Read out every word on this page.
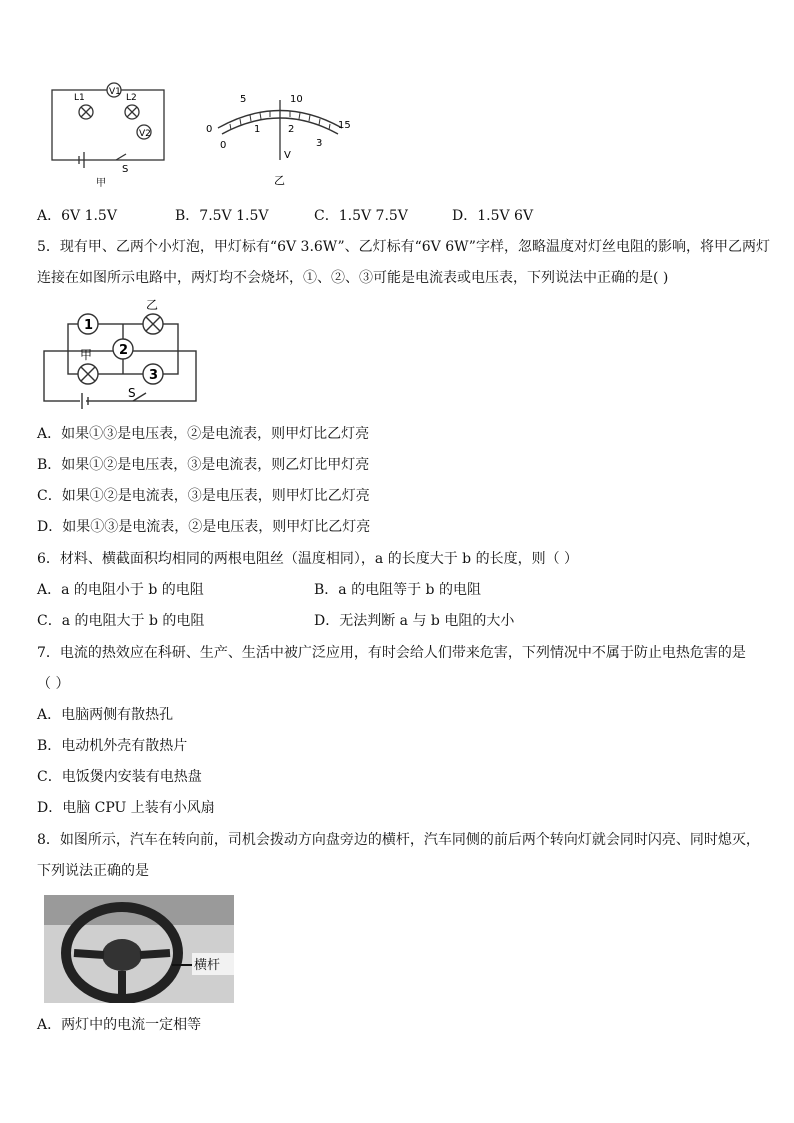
V1
L1	L2
V2
S
甲
5	10
15
0
0
1	2
3
V
乙
A．6V 1.5V	B．7.5V 1.5V	C．1.5V 7.5V	D．1.5V 6V
5．现有甲、乙两个小灯泡，甲灯标有“6V 3.6W”、乙灯标有“6V 6W”字样，忽略温度对灯丝电阻的影响，将甲乙两灯
连接在如图所示电路中，两灯均不会烧坏，①、②、③可能是电流表或电压表，下列说法中正确的是( )
1
2
3
乙
甲
S
A．如果①③是电压表，②是电流表，则甲灯比乙灯亮
B．如果①②是电压表，③是电流表，则乙灯比甲灯亮
C．如果①②是电流表，③是电压表，则甲灯比乙灯亮
D．如果①③是电流表，②是电压表，则甲灯比乙灯亮
6．材料、横截面积均相同的两根电阻丝（温度相同），a 的长度大于 b 的长度，则（ ）
A．a 的电阻小于 b 的电阻	B．a 的电阻等于 b 的电阻
C．a 的电阻大于 b 的电阻	D．无法判断 a 与 b 电阻的大小
7．电流的热效应在科研、生产、生活中被广泛应用，有时会给人们带来危害，下列情况中不属于防止电热危害的是
（ ）
A．电脑两侧有散热孔
B．电动机外壳有散热片
C．电饭煲内安装有电热盘
D．电脑 CPU 上装有小风扇
8．如图所示，汽车在转向前，司机会拨动方向盘旁边的横杆，汽车同侧的前后两个转向灯就会同时闪亮、同时熄灭，
下列说法正确的是
横杆
A．两灯中的电流一定相等
